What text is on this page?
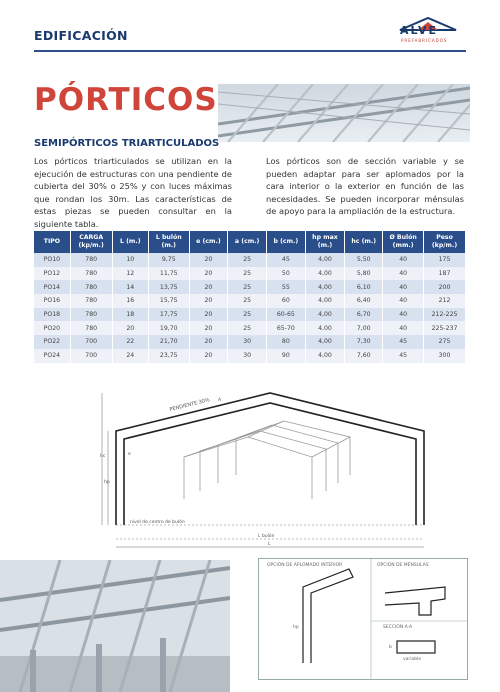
EDIFICACIÓN	ALVE
PREFABRICADOS
PÓRTICOS
SEMIPÓRTICOS TRIARTICULADOS
Los pórticos triarticulados se utilizan en la ejecución de estructuras con una pendiente de cubierta del 30% o 25% y con luces máximas que rondan los 30m. Las características de estas piezas se pueden consultar en la siguiente tabla.
Los pórticos son de sección variable y se pueden adaptar para ser aplomados por la cara interior o la exterior en función de las necesidades. Se pueden incorporar ménsulas de apoyo para la ampliación de la estructura.
TIPO	CARGA (kp/m.)	L (m.)	L bulón (m.)	e (cm.)	a (cm.)	b (cm.)	hp max (m.)	hc (m.)	Ø Bulón (mm.)	Peso (kp/m.)
PO10	780	10	9,75	20	25	45	4,00	5,50	40	175
PO12	780	12	11,75	20	25	50	4,00	5,80	40	187
PO14	780	14	13,75	20	25	55	4,00	6,10	40	200
PO16	780	16	15,75	20	25	60	4,00	6,40	40	212
PO18	780	18	17,75	20	25	60-65	4,00	6,70	40	212-225
PO20	780	20	19,70	20	25	65-70	4,00	7,00	40	225-237
PO22	700	22	21,70	20	30	80	4,00	7,30	45	275
PO24	700	24	23,75	20	30	90	4,00	7,60	45	300
PENDIENTE 30%
nivel de centro de bulón
L bulón
L
hp
hc
A
e
OPCIÓN DE APLOMADO INTERIOR	OPCIÓN DE MÉNSULAS
SECCIÓN A-A
hp
variable
b
